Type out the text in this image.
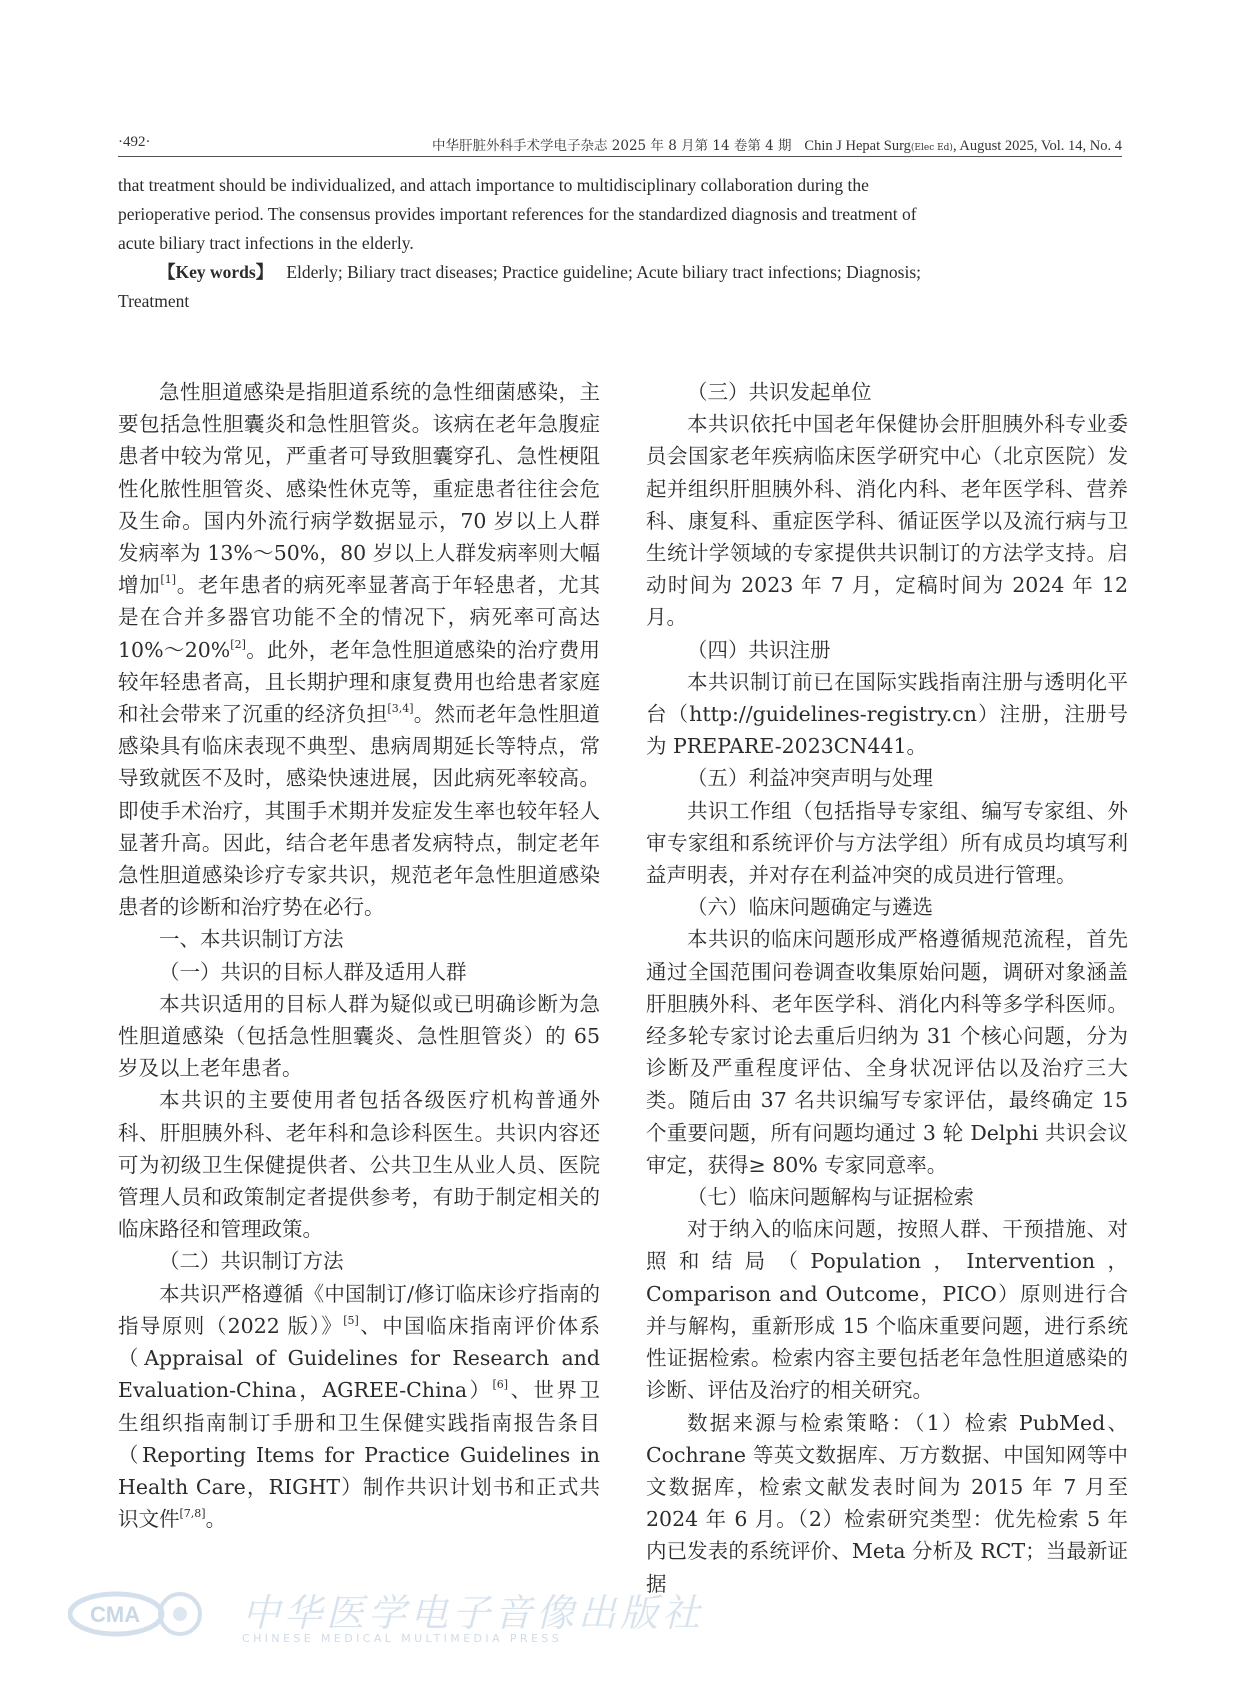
·492·	中华肝脏外科手术学电子杂志 2025 年 8 月第 14 卷第 4 期 Chin J Hepat Surg(Elec Ed), August 2025, Vol. 14, No. 4

that treatment should be individualized, and attach importance to multidisciplinary collaboration during the perioperative period. The consensus provides important references for the standardized diagnosis and treatment of acute biliary tract infections in the elderly.

【Key words】 Elderly; Biliary tract diseases; Practice guideline; Acute biliary tract infections; Diagnosis; Treatment

急性胆道感染是指胆道系统的急性细菌感染，主要包括急性胆囊炎和急性胆管炎。该病在老年急腹症患者中较为常见，严重者可导致胆囊穿孔、急性梗阻性化脓性胆管炎、感染性休克等，重症患者往往会危及生命。国内外流行病学数据显示，70 岁以上人群发病率为 13%～50%，80 岁以上人群发病率则大幅增加[1]。老年患者的病死率显著高于年轻患者，尤其是在合并多器官功能不全的情况下，病死率可高达 10%～20%[2]。此外，老年急性胆道感染的治疗费用较年轻患者高，且长期护理和康复费用也给患者家庭和社会带来了沉重的经济负担[3,4]。然而老年急性胆道感染具有临床表现不典型、患病周期延长等特点，常导致就医不及时，感染快速进展，因此病死率较高。即使手术治疗，其围手术期并发症发生率也较年轻人显著升高。因此，结合老年患者发病特点，制定老年急性胆道感染诊疗专家共识，规范老年急性胆道感染患者的诊断和治疗势在必行。

一、本共识制订方法

（一）共识的目标人群及适用人群

本共识适用的目标人群为疑似或已明确诊断为急性胆道感染（包括急性胆囊炎、急性胆管炎）的 65 岁及以上老年患者。

本共识的主要使用者包括各级医疗机构普通外科、肝胆胰外科、老年科和急诊科医生。共识内容还可为初级卫生保健提供者、公共卫生从业人员、医院管理人员和政策制定者提供参考，有助于制定相关的临床路径和管理政策。

（二）共识制订方法

本共识严格遵循《中国制订/修订临床诊疗指南的指导原则（2022 版）》[5]、中国临床指南评价体系（Appraisal of Guidelines for Research and Evaluation-China，AGREE-China）[6]、世界卫生组织指南制订手册和卫生保健实践指南报告条目（Reporting Items for Practice Guidelines in Health Care，RIGHT）制作共识计划书和正式共识文件[7,8]。

（三）共识发起单位

本共识依托中国老年保健协会肝胆胰外科专业委员会国家老年疾病临床医学研究中心（北京医院）发起并组织肝胆胰外科、消化内科、老年医学科、营养科、康复科、重症医学科、循证医学以及流行病与卫生统计学领域的专家提供共识制订的方法学支持。启动时间为 2023 年 7 月，定稿时间为 2024 年 12 月。

（四）共识注册

本共识制订前已在国际实践指南注册与透明化平台（http://guidelines-registry.cn）注册，注册号为 PREPARE-2023CN441。

（五）利益冲突声明与处理

共识工作组（包括指导专家组、编写专家组、外审专家组和系统评价与方法学组）所有成员均填写利益声明表，并对存在利益冲突的成员进行管理。

（六）临床问题确定与遴选

本共识的临床问题形成严格遵循规范流程，首先通过全国范围问卷调查收集原始问题，调研对象涵盖肝胆胰外科、老年医学科、消化内科等多学科医师。经多轮专家讨论去重后归纳为 31 个核心问题，分为诊断及严重程度评估、全身状况评估以及治疗三大类。随后由 37 名共识编写专家评估，最终确定 15 个重要问题，所有问题均通过 3 轮 Delphi 共识会议审定，获得≥ 80% 专家同意率。

（七）临床问题解构与证据检索

对于纳入的临床问题，按照人群、干预措施、对照和结局（Population，Intervention，Comparison and Outcome，PICO）原则进行合并与解构，重新形成 15 个临床重要问题，进行系统性证据检索。检索内容主要包括老年急性胆道感染的诊断、评估及治疗的相关研究。

数据来源与检索策略：（1）检索 PubMed、Cochrane 等英文数据库、万方数据、中国知网等中文数据库，检索文献发表时间为 2015 年 7 月至 2024 年 6 月。（2）检索研究类型：优先检索 5 年内已发表的系统评价、Meta 分析及 RCT；当最新证据

CMA	中华医学电子音像出版社
CHINESE MEDICAL MULTIMEDIA PRESS
